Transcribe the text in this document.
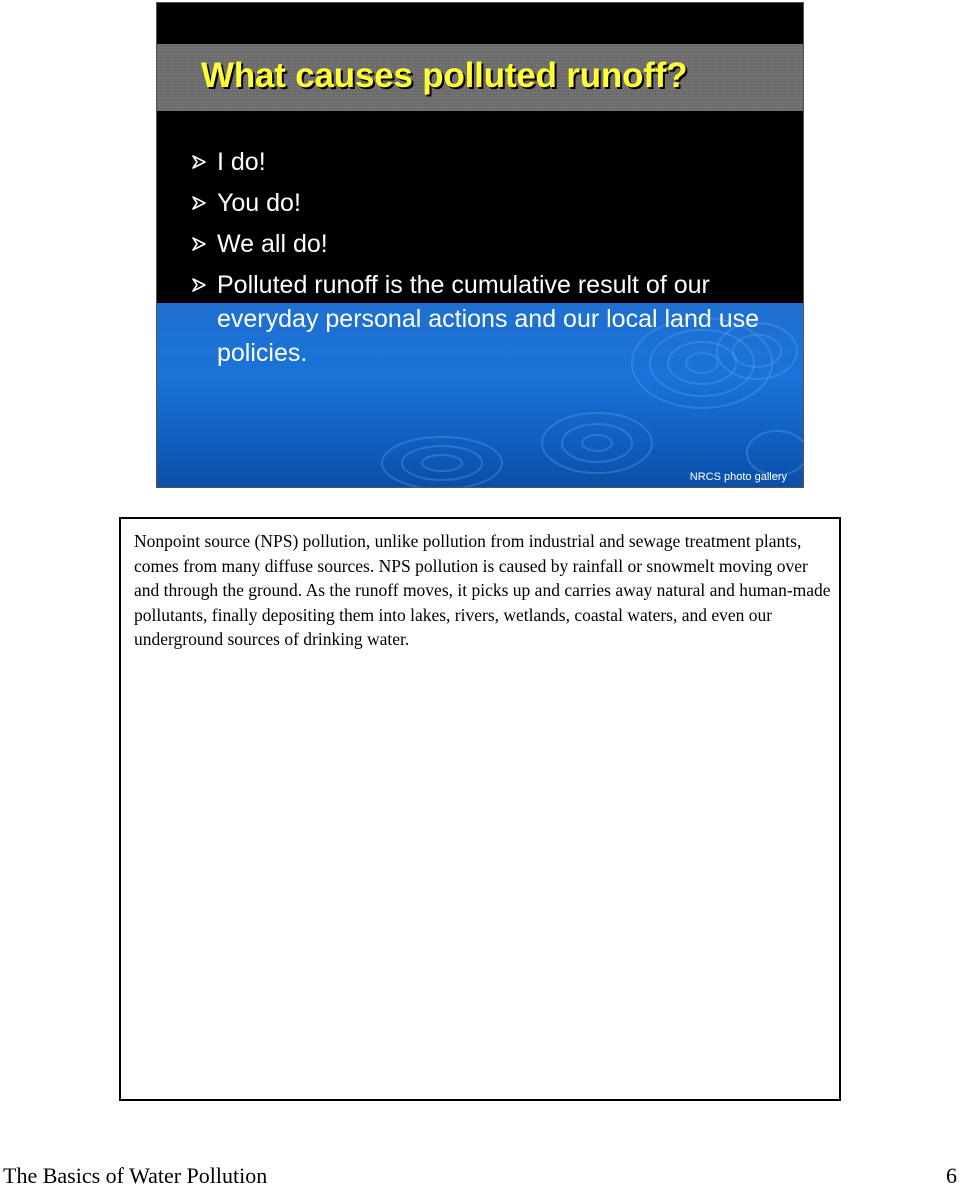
What causes polluted runoff?
I do!
You do!
We all do!
Polluted runoff is the cumulative result of our everyday personal actions and our local land use policies.
NRCS photo gallery

Nonpoint source (NPS) pollution, unlike pollution from industrial and sewage treatment plants, comes from many diffuse sources. NPS pollution is caused by rainfall or snowmelt moving over and through the ground. As the runoff moves, it picks up and carries away natural and human-made pollutants, finally depositing them into lakes, rivers, wetlands, coastal waters, and even our underground sources of drinking water.

The Basics of Water Pollution	6
